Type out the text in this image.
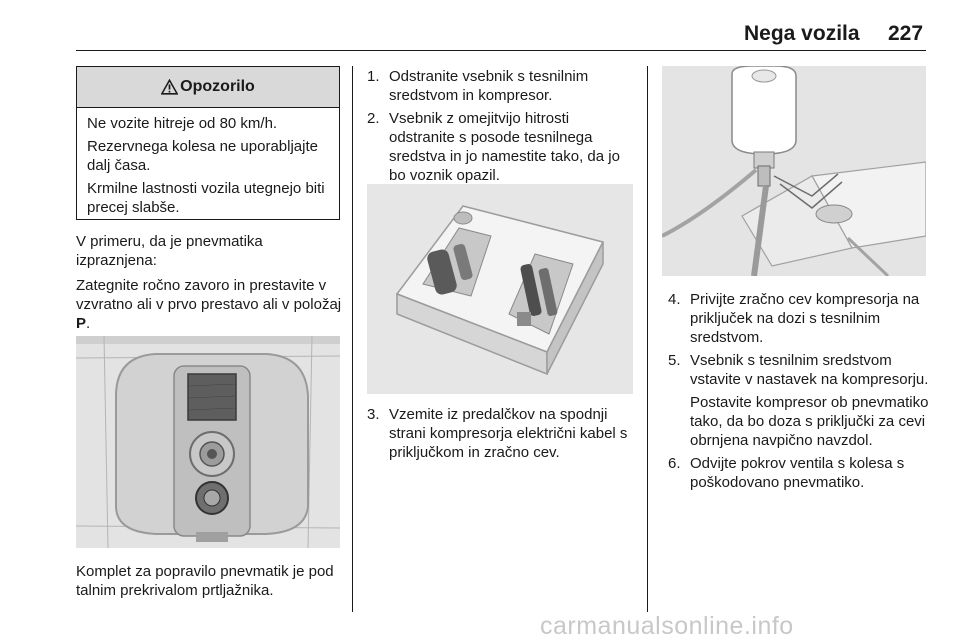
Nega vozila 227
Opozorilo

Ne vozite hitreje od 80 km/h.

Rezervnega kolesa ne uporabljajte dalj časa.

Krmilne lastnosti vozila utegnejo biti precej slabše.

V primeru, da je pnevmatika izpraznjena:

Zategnite ročno zavoro in prestavite v vzvratno ali v prvo prestavo ali v položaj P.

Komplet za popravilo pnevmatik je pod talnim prekrivalom prtljažnika.

1. Odstranite vsebnik s tesnilnim sredstvom in kompresor.
2. Vsebnik z omejitvijo hitrosti odstranite s posode tesnilnega sredstva in jo namestite tako, da jo bo voznik opazil.
3. Vzemite iz predalčkov na spodnji strani kompresorja električni kabel s priključkom in zračno cev.
4. Privijte zračno cev kompresorja na priključek na dozi s tesnilnim sredstvom.
5. Vsebnik s tesnilnim sredstvom vstavite v nastavek na kompresorju.
Postavite kompresor ob pnevmatiko tako, da bo doza s priključki za cevi obrnjena navpično navzdol.
6. Odvijte pokrov ventila s kolesa s poškodovano pnevmatiko.
carmanualsonline.info
